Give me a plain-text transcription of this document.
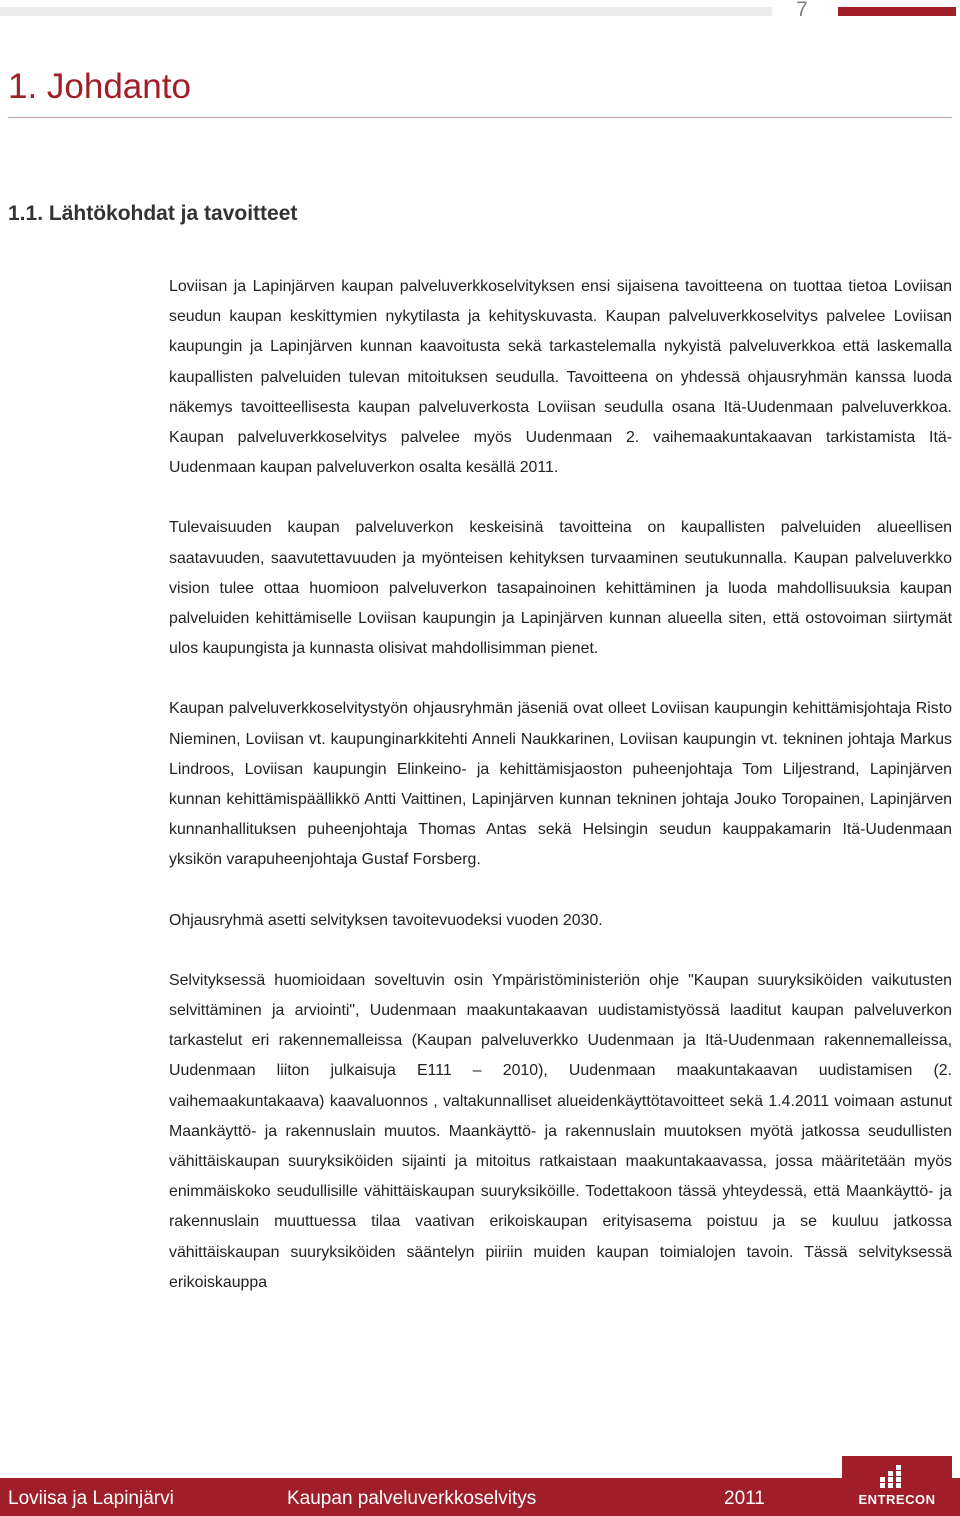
7
1. Johdanto
1.1. Lähtökohdat ja tavoitteet

Loviisan ja Lapinjärven kaupan palveluverkkoselvityksen ensi sijaisena tavoitteena on tuottaa tietoa Loviisan seudun kaupan keskittymien nykytilasta ja kehityskuvasta. Kaupan palveluverkkoselvitys palvelee Loviisan kaupungin ja Lapinjärven kunnan kaavoitusta sekä tarkastelemalla nykyistä palveluverkkoa että laskemalla kaupallisten palveluiden tulevan mitoituksen seudulla. Tavoitteena on yhdessä ohjausryhmän kanssa luoda näkemys tavoitteellisesta kaupan palveluverkosta Loviisan seudulla osana Itä-Uudenmaan palveluverkkoa. Kaupan palveluverkkoselvitys palvelee myös Uudenmaan 2. vaihemaakuntakaavan tarkistamista Itä-Uudenmaan kaupan palveluverkon osalta kesällä 2011.

Tulevaisuuden kaupan palveluverkon keskeisinä tavoitteina on kaupallisten palveluiden alueellisen saatavuuden, saavutettavuuden ja myönteisen kehityksen turvaaminen seutukunnalla. Kaupan palveluverkko vision tulee ottaa huomioon palveluverkon tasapainoinen kehittäminen ja luoda mahdollisuuksia kaupan palveluiden kehittämiselle Loviisan kaupungin ja Lapinjärven kunnan alueella siten, että ostovoiman siirtymät ulos kaupungista ja kunnasta olisivat mahdollisimman pienet.

Kaupan palveluverkkoselvitystyön ohjausryhmän jäseniä ovat olleet Loviisan kaupungin kehittämisjohtaja Risto Nieminen, Loviisan vt. kaupunginarkkitehti Anneli Naukkarinen, Loviisan kaupungin vt. tekninen johtaja Markus Lindroos, Loviisan kaupungin Elinkeino- ja kehittämisjaoston puheenjohtaja Tom Liljestrand, Lapinjärven kunnan kehittämispäällikkö Antti Vaittinen, Lapinjärven kunnan tekninen johtaja Jouko Toropainen, Lapinjärven kunnanhallituksen puheenjohtaja Thomas Antas sekä Helsingin seudun kauppakamarin Itä-Uudenmaan yksikön varapuheenjohtaja Gustaf Forsberg.

Ohjausryhmä asetti selvityksen tavoitevuodeksi vuoden 2030.

Selvityksessä huomioidaan soveltuvin osin Ympäristöministeriön ohje "Kaupan suuryksiköiden vaikutusten selvittäminen ja arviointi", Uudenmaan maakuntakaavan uudistamistyössä laaditut kaupan palveluverkon tarkastelut eri rakennemalleissa (Kaupan palveluverkko Uudenmaan ja Itä-Uudenmaan rakennemalleissa, Uudenmaan liiton julkaisuja E111 – 2010), Uudenmaan maakuntakaavan uudistamisen (2. vaihemaakuntakaava) kaavaluonnos , valtakunnalliset alueidenkäyttötavoitteet sekä 1.4.2011 voimaan astunut Maankäyttö- ja rakennuslain muutos. Maankäyttö- ja rakennuslain muutoksen myötä jatkossa seudullisten vähittäiskaupan suuryksiköiden sijainti ja mitoitus ratkaistaan maakuntakaavassa, jossa määritetään myös enimmäiskoko seudullisille vähittäiskaupan suuryksiköille. Todettakoon tässä yhteydessä, että Maankäyttö- ja rakennuslain muuttuessa tilaa vaativan erikoiskaupan erityisasema poistuu ja se kuuluu jatkossa vähittäiskaupan suuryksiköiden sääntelyn piiriin muiden kaupan toimialojen tavoin. Tässä selvityksessä erikoiskauppa

Loviisa ja Lapinjärvi	Kaupan palveluverkkoselvitys	2011	ENTRECON
